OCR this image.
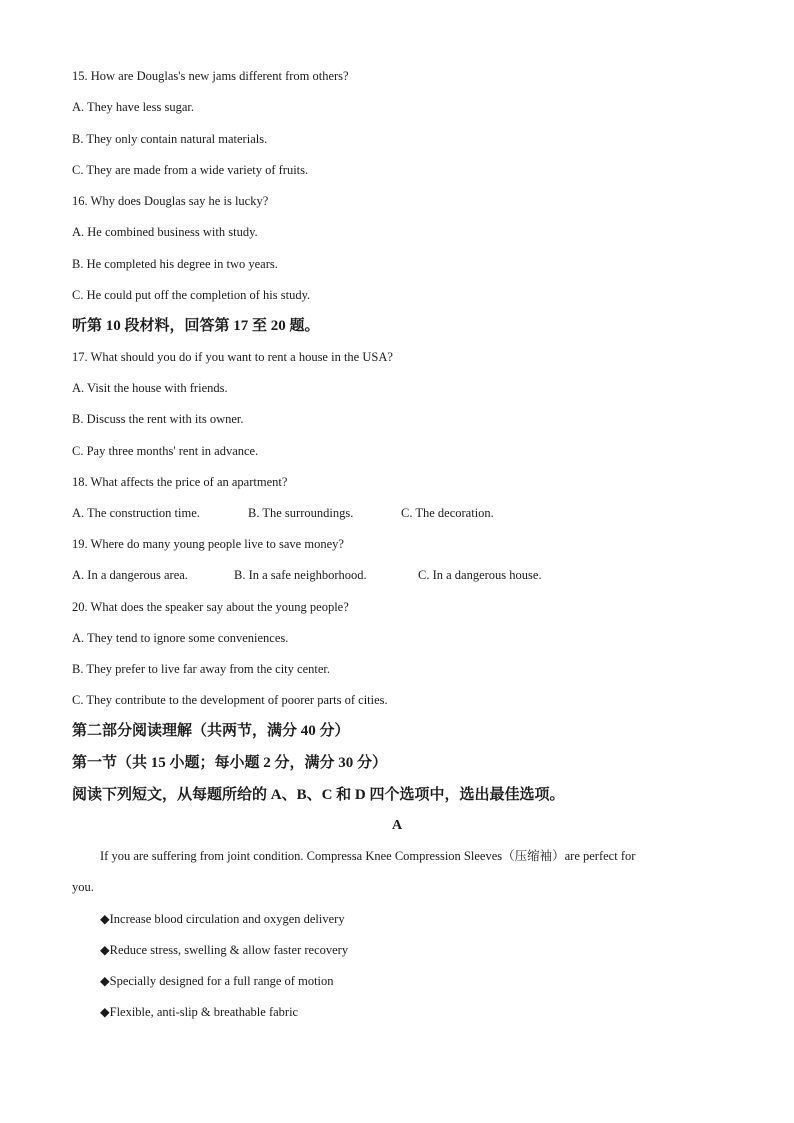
15. How are Douglas's new jams different from others?
A. They have less sugar.
B. They only contain natural materials.
C. They are made from a wide variety of fruits.
16. Why does Douglas say he is lucky?
A. He combined business with study.
B. He completed his degree in two years.
C. He could put off the completion of his study.
听第 10 段材料，回答第 17 至 20 题。
17. What should you do if you want to rent a house in the USA?
A. Visit the house with friends.
B. Discuss the rent with its owner.
C. Pay three months' rent in advance.
18. What affects the price of an apartment?
A. The construction time.	B. The surroundings.	C. The decoration.
19. Where do many young people live to save money?
A. In a dangerous area.	B. In a safe neighborhood.	C. In a dangerous house.
20. What does the speaker say about the young people?
A. They tend to ignore some conveniences.
B. They prefer to live far away from the city center.
C. They contribute to the development of poorer parts of cities.
第二部分阅读理解（共两节，满分 40 分）
第一节（共 15 小题；每小题 2 分，满分 30 分）
阅读下列短文，从每题所给的 A、B、C 和 D 四个选项中，选出最佳选项。
A
If you are suffering from joint condition. Compressa Knee Compression Sleeves（压缩袖）are perfect for
you.
◆Increase blood circulation and oxygen delivery
◆Reduce stress, swelling & allow faster recovery
◆Specially designed for a full range of motion
◆Flexible, anti-slip & breathable fabric
